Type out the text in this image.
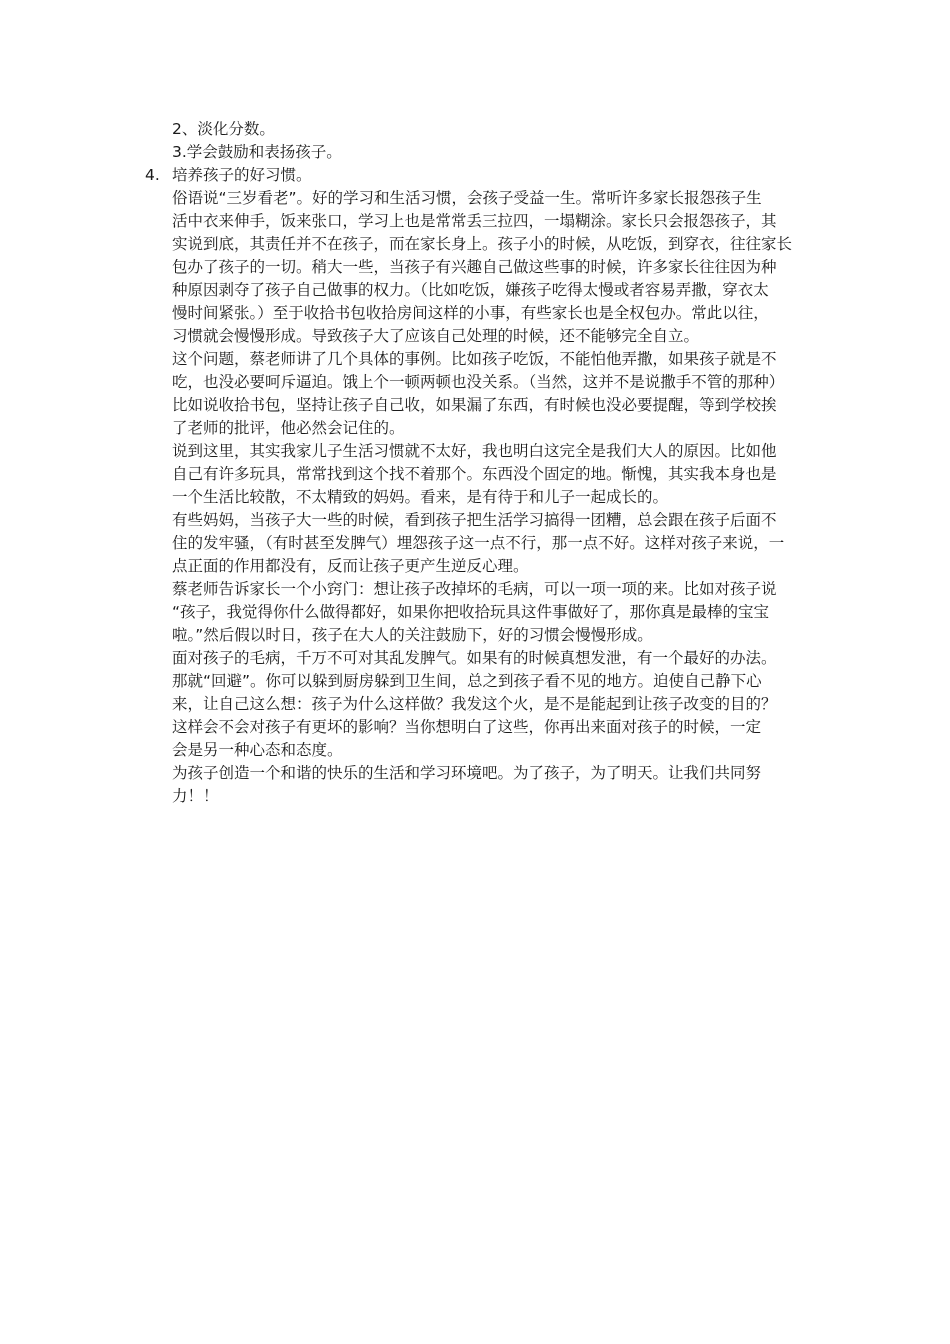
2、淡化分数。
3.学会鼓励和表扬孩子。
4. 培养孩子的好习惯。
俗语说“三岁看老”。好的学习和生活习惯，会孩子受益一生。常听许多家长报怨孩子生
活中衣来伸手，饭来张口，学习上也是常常丢三拉四，一塌糊涂。家长只会报怨孩子，其
实说到底，其责任并不在孩子，而在家长身上。孩子小的时候，从吃饭，到穿衣，往往家长
包办了孩子的一切。稍大一些，当孩子有兴趣自己做这些事的时候，许多家长往往因为种
种原因剥夺了孩子自己做事的权力。（比如吃饭，嫌孩子吃得太慢或者容易弄撒，穿衣太
慢时间紧张。）至于收拾书包收拾房间这样的小事，有些家长也是全权包办。常此以往，
习惯就会慢慢形成。导致孩子大了应该自己处理的时候，还不能够完全自立。
这个问题，蔡老师讲了几个具体的事例。比如孩子吃饭，不能怕他弄撒，如果孩子就是不
吃，也没必要呵斥逼迫。饿上个一顿两顿也没关系。（当然，这并不是说撒手不管的那种）
比如说收拾书包，坚持让孩子自己收，如果漏了东西，有时候也没必要提醒，等到学校挨
了老师的批评，他必然会记住的。
说到这里，其实我家儿子生活习惯就不太好，我也明白这完全是我们大人的原因。比如他
自己有许多玩具，常常找到这个找不着那个。东西没个固定的地。惭愧，其实我本身也是
一个生活比较散，不太精致的妈妈。看来，是有待于和儿子一起成长的。
有些妈妈，当孩子大一些的时候，看到孩子把生活学习搞得一团糟，总会跟在孩子后面不
住的发牢骚，（有时甚至发脾气）埋怨孩子这一点不行，那一点不好。这样对孩子来说，一
点正面的作用都没有，反而让孩子更产生逆反心理。
蔡老师告诉家长一个小窍门：想让孩子改掉坏的毛病，可以一项一项的来。比如对孩子说
“孩子，我觉得你什么做得都好，如果你把收拾玩具这件事做好了，那你真是最棒的宝宝
啦。”然后假以时日，孩子在大人的关注鼓励下，好的习惯会慢慢形成。
面对孩子的毛病，千万不可对其乱发脾气。如果有的时候真想发泄，有一个最好的办法。
那就“回避”。你可以躲到厨房躲到卫生间，总之到孩子看不见的地方。迫使自己静下心
来，让自己这么想：孩子为什么这样做？我发这个火，是不是能起到让孩子改变的目的？
这样会不会对孩子有更坏的影响？当你想明白了这些，你再出来面对孩子的时候，一定
会是另一种心态和态度。
为孩子创造一个和谐的快乐的生活和学习环境吧。为了孩子，为了明天。让我们共同努
力！！
